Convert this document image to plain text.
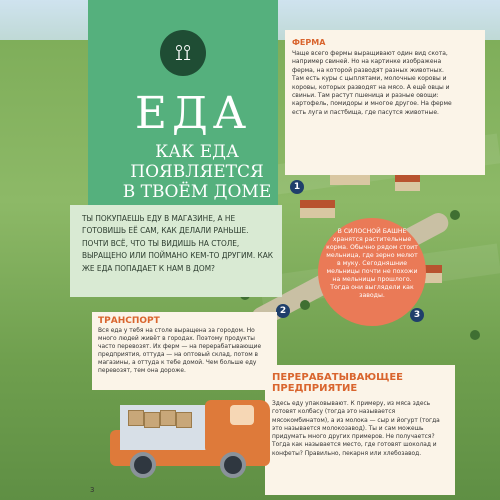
⟟⟟
ЕДА
КАК ЕДА
ПОЯВЛЯЕТСЯ
В ТВОЁМ ДОМЕ
ТЫ ПОКУПАЕШЬ ЕДУ В МАГАЗИНЕ, А НЕ ГОТОВИШЬ ЕЁ САМ, КАК ДЕЛАЛИ РАНЬШЕ. ПОЧТИ ВСЁ, ЧТО ТЫ ВИДИШЬ НА СТОЛЕ, ВЫРАЩЕНО ИЛИ ПОЙМАНО КЕМ-ТО ДРУГИМ. КАК ЖЕ ЕДА ПОПАДАЕТ К НАМ В ДОМ?
ФЕРМА
Чаще всего фермы выращивают один вид скота, например свиней. Но на картинке изображена ферма, на которой разводят разных животных. Там есть куры с цыплятами, молочные коровы и коровы, которых разводят на мясо. А ещё овцы и свиньи. Там растут пшеница и разные овощи: картофель, помидоры и многое другое. На ферме есть луга и пастбища, где пасутся животные.
В СИЛОСНОЙ БАШНЕ хранятся растительные корма. Обычно рядом стоит мельница, где зерно мелют в муку. Сегодняшние мельницы почти не похожи на мельницы прошлого. Тогда они выглядели как заводы.
1
2	3
ТРАНСПОРТ
Вся еда у тебя на столе выращена за городом. Но много людей живёт в городах. Поэтому продукты часто перевозят. Их ферм — на перерабатывающие предприятия, оттуда — на оптовый склад, потом в магазины, а оттуда к тебе домой. Чем больше еду перевозят, тем она дороже.
ПЕРЕРАБАТЫВАЮЩЕЕ ПРЕДПРИЯТИЕ
Здесь еду упаковывают. К примеру, из мяса здесь готовят колбасу (тогда это называется мясокомбинатом), а из молока — сыр и йогурт (тогда это называется молокозавод). Ты и сам можешь придумать много других примеров. Не получается? Тогда как называется место, где готовят шоколад и конфеты? Правильно, пекарня или хлебозавод.
3
